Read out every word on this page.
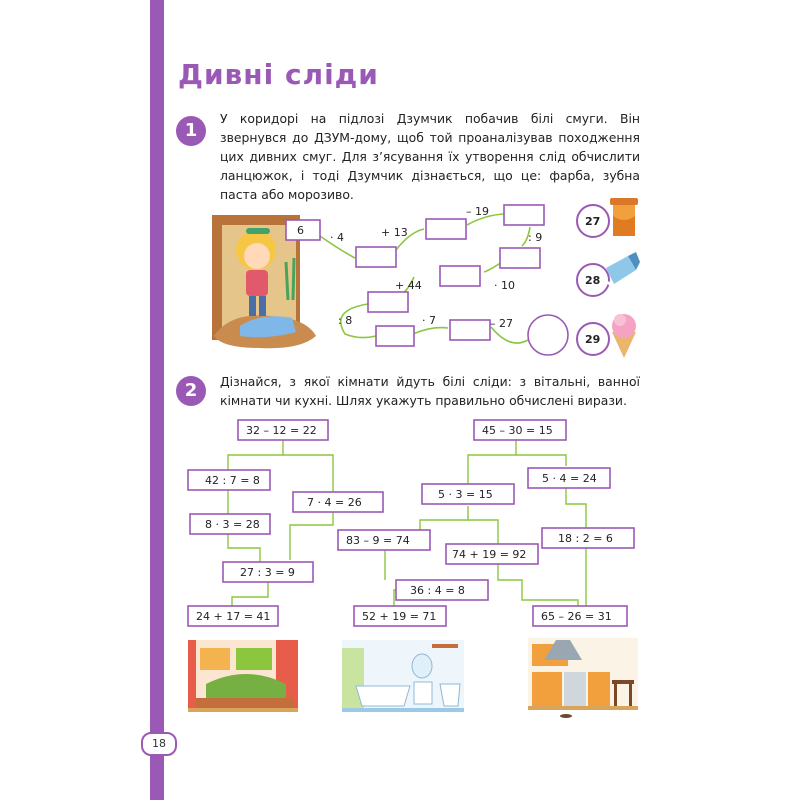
18
Дивні сліди
1
У коридорі на підлозі Дзумчик побачив білі смуги. Він звернувся до ДЗУМ-дому, щоб той проаналізував походження цих дивних смуг. Для з’ясування їх утворення слід обчислити ланцюжок, і тоді Дзумчик дізнається, що це: фарба, зубна паста або морозиво.
2	Дізнайся, з якої кімнати йдуть білі сліди: з вітальні, ванної кімнати чи кухні. Шлях укажуть правильно обчислені вирази.
6
· 4	+ 13
– 19
: 9
· 10
+ 44
: 8	· 7	– 27
27
28
29
32 – 12 = 22
42 : 7 = 8
7 · 4 = 26
8 · 3 = 28
27 : 3 = 9
24 + 17 = 41
83 – 9 = 74
36 : 4 = 8
52 + 19 = 71
45 – 30 = 15
5 · 4 = 24
5 · 3 = 15
74 + 19 = 92
18 : 2 = 6
65 – 26 = 31
